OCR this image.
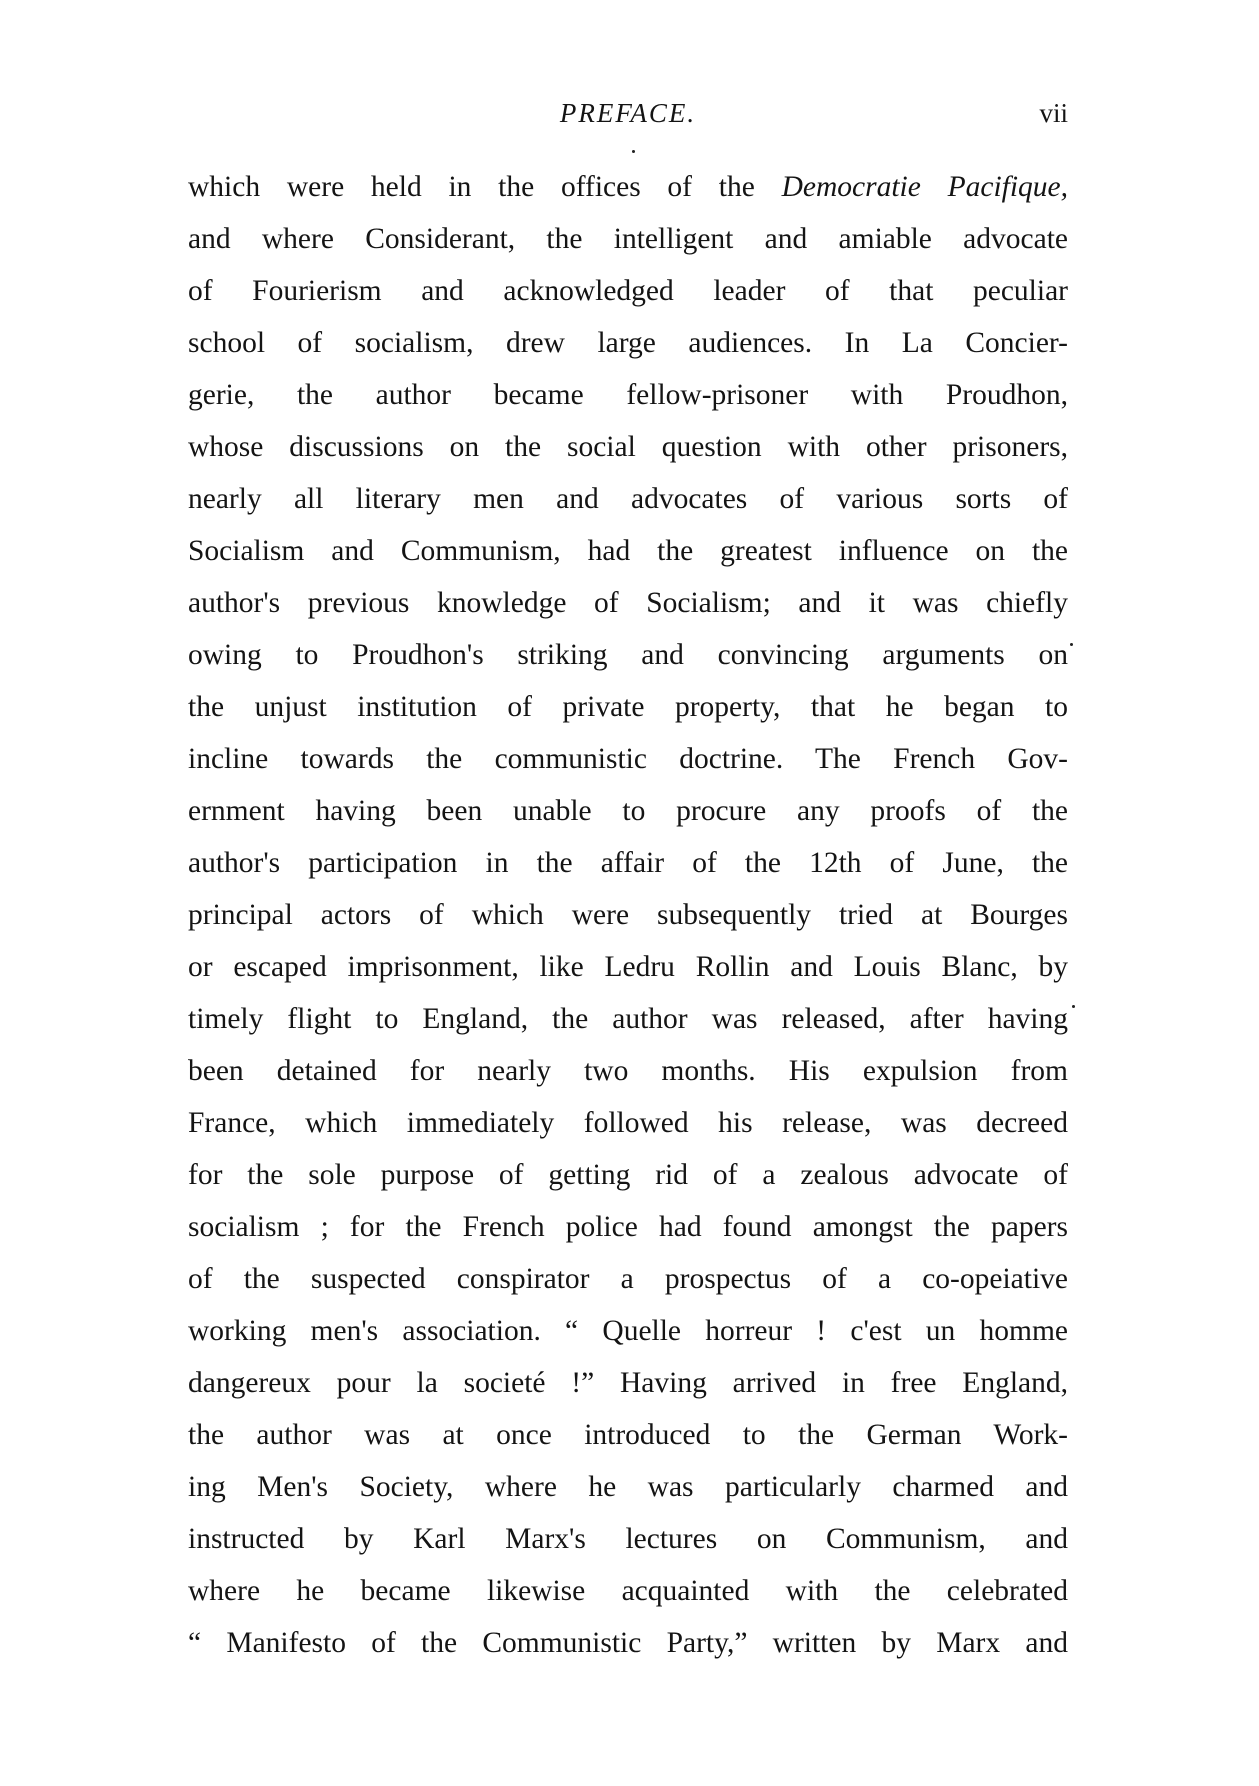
PREFACE.	vii
which were held in the offices of the Democratie Pacifique,
and where Considerant, the intelligent and amiable advocate
of Fourierism and acknowledged leader of that peculiar
school of socialism, drew large audiences. In La Concier-
gerie, the author became fellow-prisoner with Proudhon,
whose discussions on the social question with other prisoners,
nearly all literary men and advocates of various sorts of
Socialism and Communism, had the greatest influence on the
author's previous knowledge of Socialism; and it was chiefly
owing to Proudhon's striking and convincing arguments on
the unjust institution of private property, that he began to
incline towards the communistic doctrine. The French Gov-
ernment having been unable to procure any proofs of the
author's participation in the affair of the 12th of June, the
principal actors of which were subsequently tried at Bourges
or escaped imprisonment, like Ledru Rollin and Louis Blanc, by
timely flight to England, the author was released, after having
been detained for nearly two months. His expulsion from
France, which immediately followed his release, was decreed
for the sole purpose of getting rid of a zealous advocate of
socialism ; for the French police had found amongst the papers
of the suspected conspirator a prospectus of a co-opeiative
working men's association. “ Quelle horreur ! c'est un homme
dangereux pour la societé !” Having arrived in free England,
the author was at once introduced to the German Work-
ing Men's Society, where he was particularly charmed and
instructed by Karl Marx's lectures on Communism, and
where he became likewise acquainted with the celebrated
“ Manifesto of the Communistic Party,” written by Marx and
